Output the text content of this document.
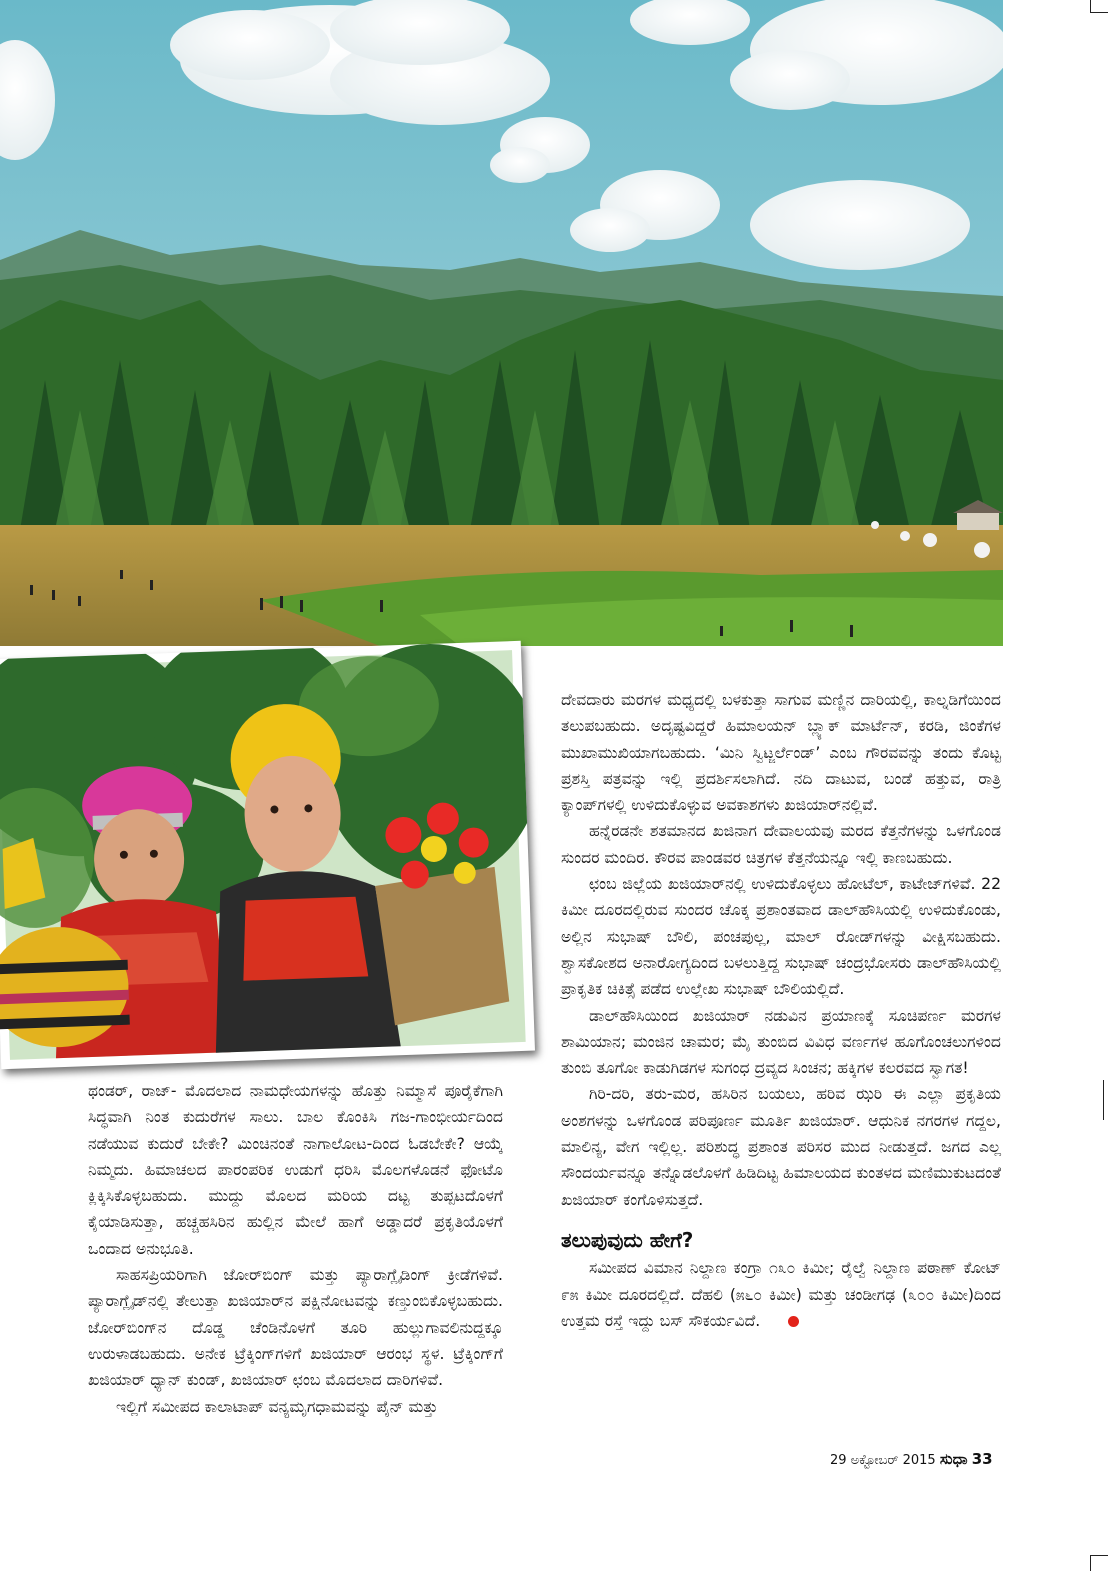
ದೇವದಾರು ಮರಗಳ ಮಧ್ಯದಲ್ಲಿ ಬಳಕುತ್ತಾ ಸಾಗುವ ಮಣ್ಣಿನ ದಾರಿಯಲ್ಲಿ, ಕಾಲ್ನಡಿಗೆಯಿಂದ ತಲುಪಬಹುದು. ಅದೃಷ್ಟವಿದ್ದರೆ ಹಿಮಾಲಯನ್ ಬ್ಲ್ಯಾಕ್ ಮಾರ್ಟೆನ್, ಕರಡಿ, ಜಿಂಕೆಗಳ ಮುಖಾಮುಖಿಯಾಗಬಹುದು. ‘ಮಿನಿ ಸ್ವಿಟ್ಜರ್ಲೆಂಡ್’ ಎಂಬ ಗೌರವವನ್ನು ತಂದು ಕೊಟ್ಟ ಪ್ರಶಸ್ತಿ ಪತ್ರವನ್ನು ಇಲ್ಲಿ ಪ್ರದರ್ಶಿಸಲಾಗಿದೆ. ನದಿ ದಾಟುವ, ಬಂಡೆ ಹತ್ತುವ, ರಾತ್ರಿ ಕ್ಯಾಂಪ್‌ಗಳಲ್ಲಿ ಉಳಿದುಕೊಳ್ಳುವ ಅವಕಾಶಗಳು ಖಜಿಯಾರ್‌ನಲ್ಲಿವೆ.

ಹನ್ನೆರಡನೇ ಶತಮಾನದ ಖಜಿನಾಗ ದೇವಾಲಯವು ಮರದ ಕೆತ್ತನೆಗಳನ್ನು ಒಳಗೊಂಡ ಸುಂದರ ಮಂದಿರ. ಕೌರವ ಪಾಂಡವರ ಚಿತ್ರಗಳ ಕೆತ್ತನೆಯನ್ನೂ ಇಲ್ಲಿ ಕಾಣಬಹುದು.

ಛಂಬ ಜಿಲ್ಲೆಯ ಖಜಿಯಾರ್‌ನಲ್ಲಿ ಉಳಿದುಕೊಳ್ಳಲು ಹೋಟೆಲ್, ಕಾಟೇಜ್‌ಗಳಿವೆ. 22 ಕಿಮೀ ದೂರದಲ್ಲಿರುವ ಸುಂದರ ಚೊಕ್ಕ ಪ್ರಶಾಂತವಾದ ಡಾಲ್‌ಹೌಸಿಯಲ್ಲಿ ಉಳಿದುಕೊಂಡು, ಅಲ್ಲಿನ ಸುಭಾಷ್ ಬೌಲಿ, ಪಂಚಪುಲ್ಲ, ಮಾಲ್ ರೋಡ್‌ಗಳನ್ನು ವೀಕ್ಷಿಸಬಹುದು. ಶ್ವಾಸಕೋಶದ ಅನಾರೋಗ್ಯದಿಂದ ಬಳಲುತ್ತಿದ್ದ ಸುಭಾಷ್ ಚಂದ್ರಭೋಸರು ಡಾಲ್‌ಹೌಸಿಯಲ್ಲಿ ಪ್ರಾಕೃತಿಕ ಚಿಕಿತ್ಸೆ ಪಡೆದ ಉಲ್ಲೇಖ ಸುಭಾಷ್ ಬೌಲಿಯಲ್ಲಿದೆ.

ಡಾಲ್‌ಹೌಸಿಯಿಂದ ಖಜಿಯಾರ್ ನಡುವಿನ ಪ್ರಯಾಣಕ್ಕೆ ಸೂಚಿಪರ್ಣ ಮರಗಳ ಶಾಮಿಯಾನ; ಮಂಜಿನ ಚಾಮರ; ಮೈ ತುಂಬಿದ ವಿವಿಧ ವರ್ಣಗಳ ಹೂಗೊಂಚಲುಗಳಿಂದ ತುಂಬಿ ತೂಗೋ ಕಾಡುಗಿಡಗಳ ಸುಗಂಧ ದ್ರವ್ಯದ ಸಿಂಚನ; ಹಕ್ಕಿಗಳ ಕಲರವದ ಸ್ವಾಗತ!

ಗಿರಿ-ದರಿ, ತರು-ಮರ, ಹಸಿರಿನ ಬಯಲು, ಹರಿವ ಝರಿ ಈ ಎಲ್ಲಾ ಪ್ರಕೃತಿಯ ಅಂಶಗಳನ್ನು ಒಳಗೊಂಡ ಪರಿಪೂರ್ಣ ಮೂರ್ತಿ ಖಜಿಯಾರ್. ಆಧುನಿಕ ನಗರಗಳ ಗದ್ದಲ, ಮಾಲಿನ್ಯ, ವೇಗ ಇಲ್ಲಿಲ್ಲ. ಪರಿಶುದ್ಧ ಪ್ರಶಾಂತ ಪರಿಸರ ಮುದ ನೀಡುತ್ತದೆ. ಜಗದ ಎಲ್ಲ ಸೌಂದರ್ಯವನ್ನೂ ತನ್ನೊಡಲೊಳಗೆ ಹಿಡಿದಿಟ್ಟ ಹಿಮಾಲಯದ ಕುಂತಳದ ಮಣಿಮುಕುಟದಂತೆ ಖಜಿಯಾರ್ ಕಂಗೊಳಿಸುತ್ತದೆ.

ತಲುಪುವುದು ಹೇಗೆ?

ಸಮೀಪದ ವಿಮಾನ ನಿಲ್ದಾಣ ಕಂಗ್ರಾ ೧೩೦ ಕಿಮೀ; ರೈಲ್ವೆ ನಿಲ್ದಾಣ ಪಠಾಣ್ ಕೋಟ್ ೯೫ ಕಿಮೀ ದೂರದಲ್ಲಿದೆ. ದೆಹಲಿ (೫೬೦ ಕಿಮೀ) ಮತ್ತು ಚಂಡೀಗಢ (೩೦೦ ಕಿಮೀ)ದಿಂದ ಉತ್ತಮ ರಸ್ತೆ ಇದ್ದು ಬಸ್ ಸೌಕರ್ಯವಿದೆ.

ಥಂಡರ್, ರಾಜ್- ಮೊದಲಾದ ನಾಮಧೇಯಗಳನ್ನು ಹೊತ್ತು ನಿಮ್ಮಾಸೆ ಪೂರೈಕೆಗಾಗಿ ಸಿದ್ಧವಾಗಿ ನಿಂತ ಕುದುರೆಗಳ ಸಾಲು. ಬಾಲ ಕೊಂಕಿಸಿ ಗಜ-ಗಾಂಭೀರ್ಯದಿಂದ ನಡೆಯುವ ಕುದುರೆ ಬೇಕೇ? ಮಿಂಚಿನಂತೆ ನಾಗಾಲೋಟ-ದಿಂದ ಓಡಬೇಕೇ? ಆಯ್ಕೆ ನಿಮ್ಮದು. ಹಿಮಾಚಲದ ಪಾರಂಪರಿಕ ಉಡುಗೆ ಧರಿಸಿ ಮೊಲಗಳೊಡನೆ ಫೋಟೊ ಕ್ಲಿಕ್ಕಿಸಿಕೊಳ್ಳಬಹುದು. ಮುದ್ದು ಮೊಲದ ಮರಿಯ ದಟ್ಟ ತುಪ್ಪಟದೊಳಗೆ ಕೈಯಾಡಿಸುತ್ತಾ, ಹಚ್ಚಹಸಿರಿನ ಹುಲ್ಲಿನ ಮೇಲೆ ಹಾಗೆ ಅಡ್ಡಾದರೆ ಪ್ರಕೃತಿಯೊಳಗೆ ಒಂದಾದ ಅನುಭೂತಿ.

ಸಾಹಸಪ್ರಿಯರಿಗಾಗಿ ಜೋರ್‌ಬಿಂಗ್ ಮತ್ತು ಪ್ಯಾರಾಗ್ಲೈಡಿಂಗ್ ಕ್ರೀಡೆಗಳಿವೆ. ಪ್ಯಾರಾಗ್ಲೈಡ್‌ನಲ್ಲಿ ತೇಲುತ್ತಾ ಖಜಿಯಾರ್‌ನ ಪಕ್ಷಿನೋಟವನ್ನು ಕಣ್ತುಂಬಿಕೊಳ್ಳಬಹುದು. ಜೋರ್‌ಬಿಂಗ್‌ನ ದೊಡ್ಡ ಚೆಂಡಿನೊಳಗೆ ತೂರಿ ಹುಲ್ಲುಗಾವಲಿನುದ್ದಕ್ಕೂ ಉರುಳಾಡಬಹುದು. ಅನೇಕ ಟ್ರೆಕ್ಕಿಂಗ್‌ಗಳಿಗೆ ಖಜಿಯಾರ್ ಆರಂಭ ಸ್ಥಳ. ಟ್ರೆಕ್ಕಿಂಗ್‌ಗೆ ಖಜಿಯಾರ್ ಧ್ಯಾನ್ ಕುಂಡ್, ಖಜಿಯಾರ್ ಛಂಬ ಮೊದಲಾದ ದಾರಿಗಳಿವೆ.

ಇಲ್ಲಿಗೆ ಸಮೀಪದ ಕಾಲಾಟಾಪ್ ವನ್ಯಮೃಗಧಾಮವನ್ನು ಪೈನ್ ಮತ್ತು

29 ಅಕ್ಟೋಬರ್ 2015 ಸುಧಾ 33
